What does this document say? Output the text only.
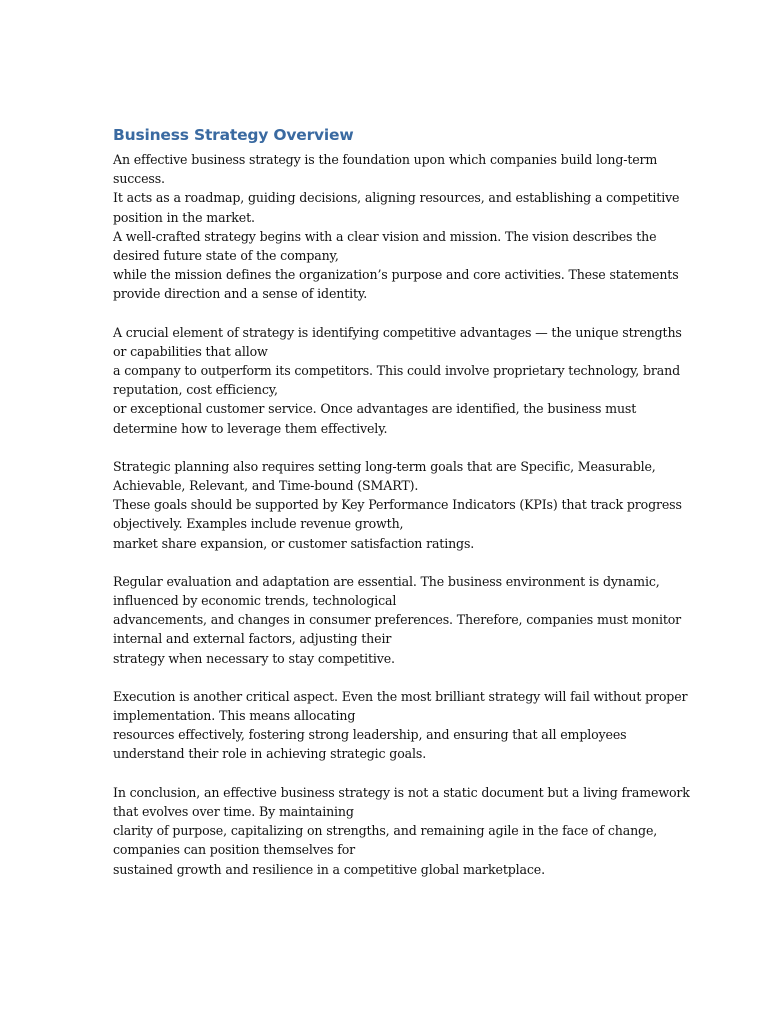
Business Strategy Overview
An effective business strategy is the foundation upon which companies build long-term
success.
It acts as a roadmap, guiding decisions, aligning resources, and establishing a competitive
position in the market.
A well-crafted strategy begins with a clear vision and mission. The vision describes the
desired future state of the company,
while the mission defines the organization’s purpose and core activities. These statements
provide direction and a sense of identity.
A crucial element of strategy is identifying competitive advantages — the unique strengths
or capabilities that allow
a company to outperform its competitors. This could involve proprietary technology, brand
reputation, cost efficiency,
or exceptional customer service. Once advantages are identified, the business must
determine how to leverage them effectively.
Strategic planning also requires setting long-term goals that are Specific, Measurable,
Achievable, Relevant, and Time-bound (SMART).
These goals should be supported by Key Performance Indicators (KPIs) that track progress
objectively. Examples include revenue growth,
market share expansion, or customer satisfaction ratings.
Regular evaluation and adaptation are essential. The business environment is dynamic,
influenced by economic trends, technological
advancements, and changes in consumer preferences. Therefore, companies must monitor
internal and external factors, adjusting their
strategy when necessary to stay competitive.
Execution is another critical aspect. Even the most brilliant strategy will fail without proper
implementation. This means allocating
resources effectively, fostering strong leadership, and ensuring that all employees
understand their role in achieving strategic goals.
In conclusion, an effective business strategy is not a static document but a living framework
that evolves over time. By maintaining
clarity of purpose, capitalizing on strengths, and remaining agile in the face of change,
companies can position themselves for
sustained growth and resilience in a competitive global marketplace.
